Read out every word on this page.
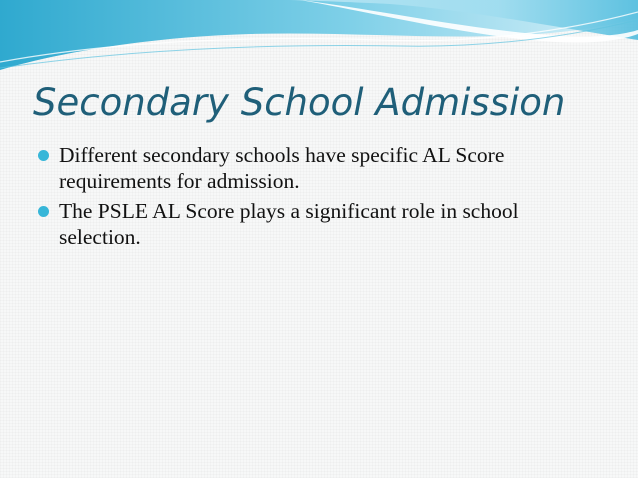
Secondary School Admission
Different secondary schools have specific AL Score requirements for admission.
The PSLE AL Score plays a significant role in school selection.
